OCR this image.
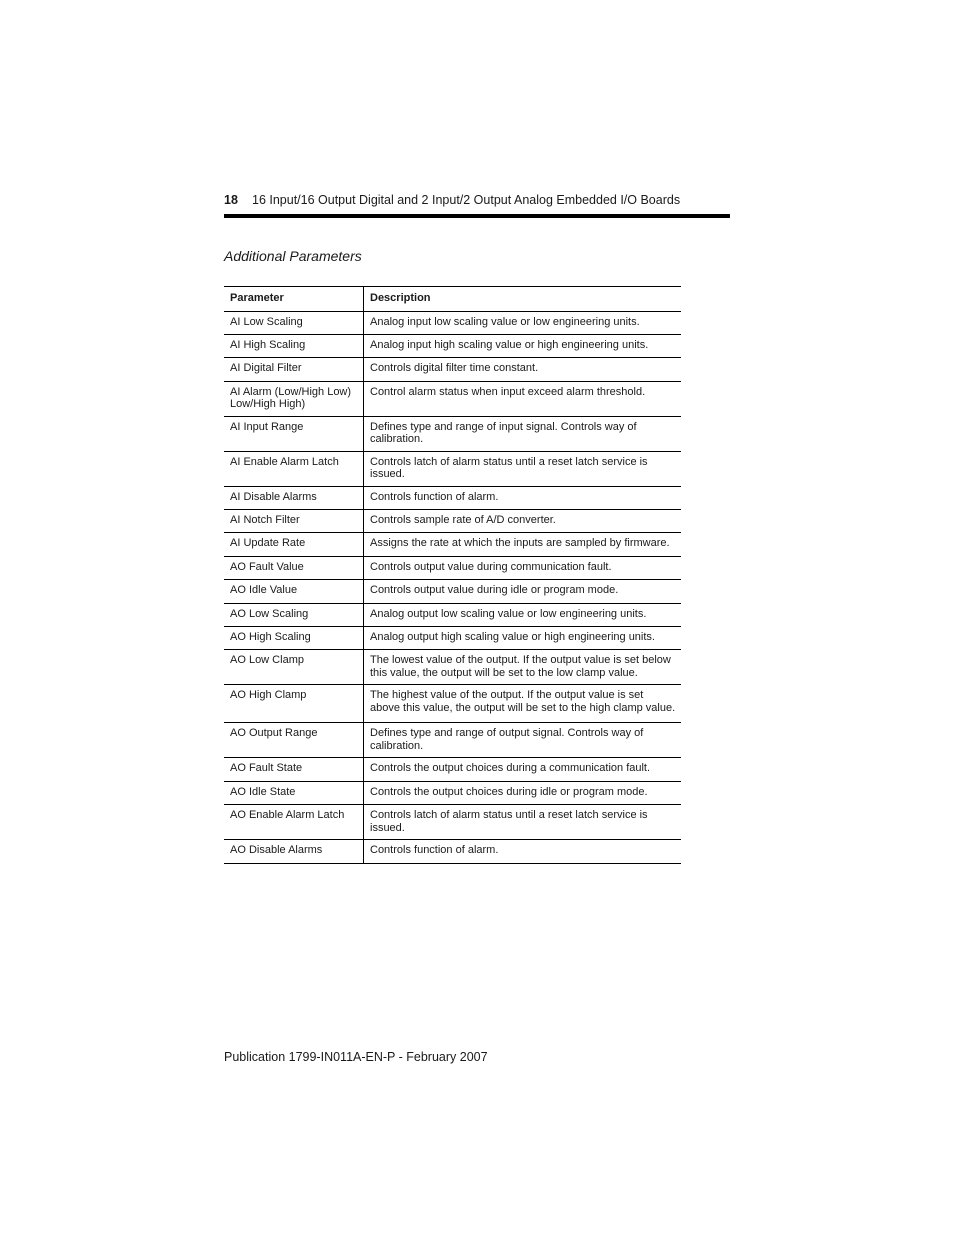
18 16 Input/16 Output Digital and 2 Input/2 Output Analog Embedded I/O Boards
Additional Parameters
Parameter	Description
AI Low Scaling	Analog input low scaling value or low engineering units.
AI High Scaling	Analog input high scaling value or high engineering units.
AI Digital Filter	Controls digital filter time constant.
AI Alarm (Low/High Low) Low/High High)	Control alarm status when input exceed alarm threshold.
AI Input Range	Defines type and range of input signal. Controls way of calibration.
AI Enable Alarm Latch	Controls latch of alarm status until a reset latch service is issued.
AI Disable Alarms	Controls function of alarm.
AI Notch Filter	Controls sample rate of A/D converter.
AI Update Rate	Assigns the rate at which the inputs are sampled by firmware.
AO Fault Value	Controls output value during communication fault.
AO Idle Value	Controls output value during idle or program mode.
AO Low Scaling	Analog output low scaling value or low engineering units.
AO High Scaling	Analog output high scaling value or high engineering units.
AO Low Clamp	The lowest value of the output. If the output value is set below this value, the output will be set to the low clamp value.
AO High Clamp	The highest value of the output. If the output value is set above this value, the output will be set to the high clamp value.
AO Output Range	Defines type and range of output signal. Controls way of calibration.
AO Fault State	Controls the output choices during a communication fault.
AO Idle State	Controls the output choices during idle or program mode.
AO Enable Alarm Latch	Controls latch of alarm status until a reset latch service is issued.
AO Disable Alarms	Controls function of alarm.
Publication 1799-IN011A-EN-P - February 2007
